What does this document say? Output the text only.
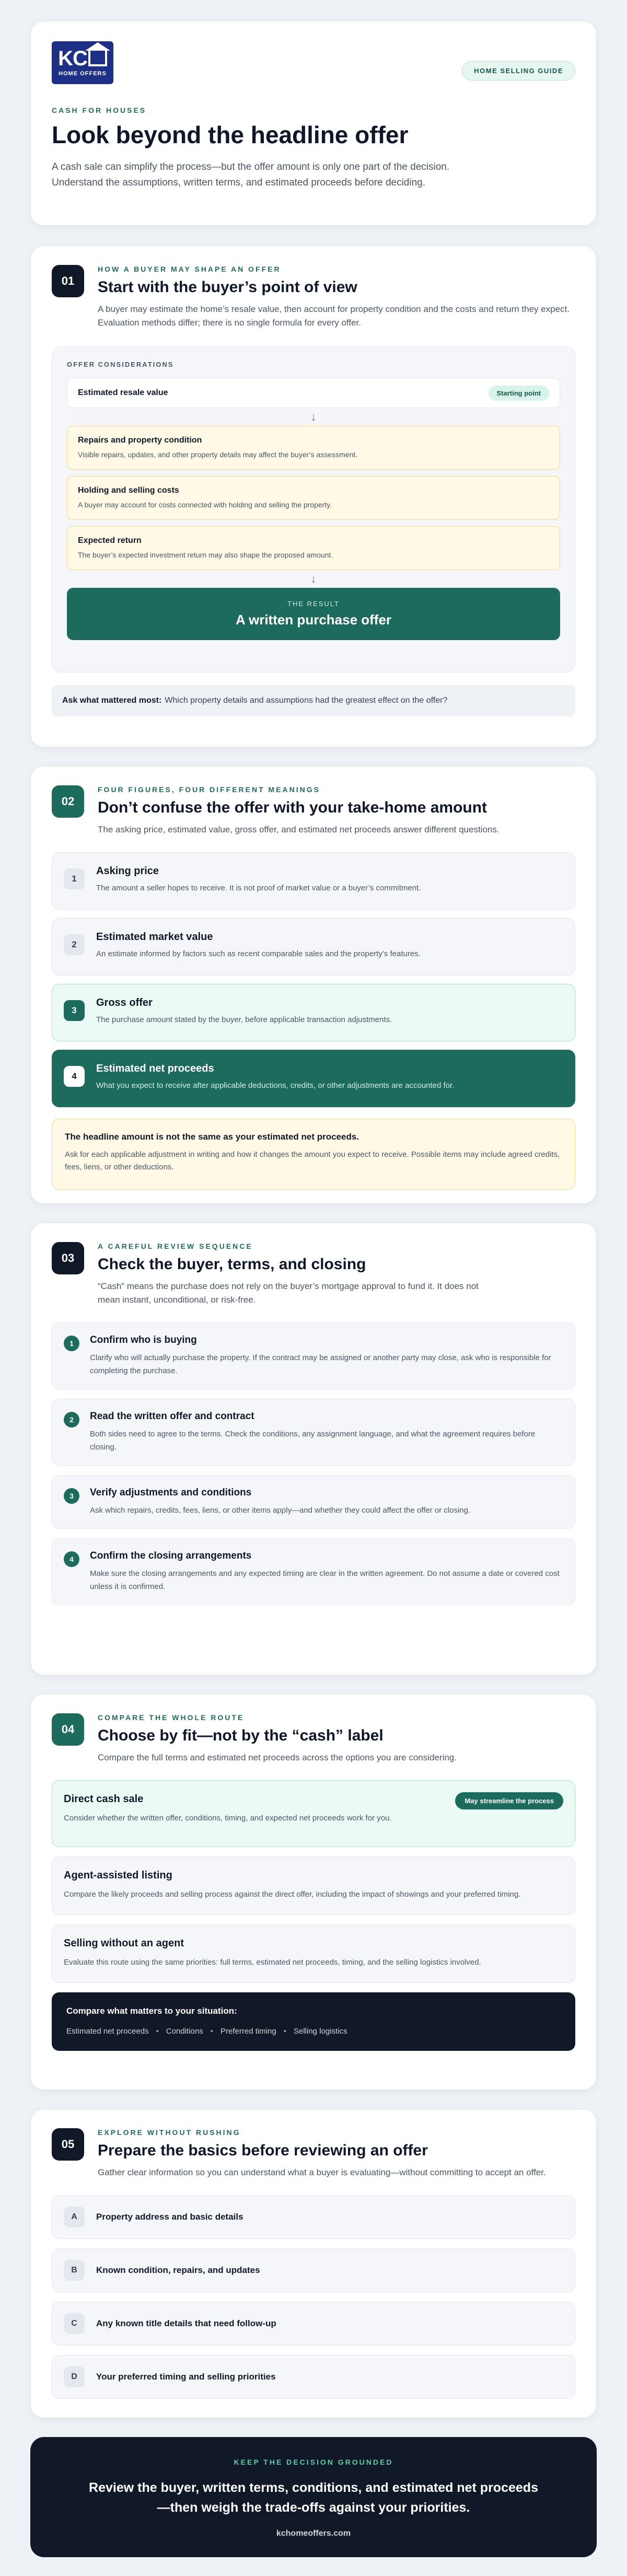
KC
HOME OFFERS	HOME SELLING GUIDE
CASH FOR HOUSES
Look beyond the headline offer

A cash sale can simplify the process—but the offer amount is only one part of the decision. Understand the assumptions, written terms, and estimated proceeds before deciding.

01
HOW A BUYER MAY SHAPE AN OFFER
Start with the buyer’s point of view

A buyer may estimate the home’s resale value, then account for property condition and the costs and return they expect. Evaluation methods differ; there is no single formula for every offer.

OFFER CONSIDERATIONS
Estimated resale value	Starting point
↓
Repairs and property condition
Visible repairs, updates, and other property details may affect the buyer’s assessment.
Holding and selling costs
A buyer may account for costs connected with holding and selling the property.
Expected return
The buyer’s expected investment return may also shape the proposed amount.
↓
THE RESULT
A written purchase offer
Ask what mattered most: Which property details and assumptions had the greatest effect on the offer?
02
FOUR FIGURES, FOUR DIFFERENT MEANINGS
Don’t confuse the offer with your take-home amount

The asking price, estimated value, gross offer, and estimated net proceeds answer different questions.

1
Asking price
The amount a seller hopes to receive. It is not proof of market value or a buyer’s commitment.
2
Estimated market value
An estimate informed by factors such as recent comparable sales and the property’s features.
3
Gross offer
The purchase amount stated by the buyer, before applicable transaction adjustments.
4
Estimated net proceeds
What you expect to receive after applicable deductions, credits, or other adjustments are accounted for.
The headline amount is not the same as your estimated net proceeds.
Ask for each applicable adjustment in writing and how it changes the amount you expect to receive. Possible items may include agreed credits, fees, liens, or other deductions.
03
A CAREFUL REVIEW SEQUENCE
Check the buyer, terms, and closing

“Cash” means the purchase does not rely on the buyer’s mortgage approval to fund it. It does not mean instant, unconditional, or risk-free.

1	Confirm who is buying
Clarify who will actually purchase the property. If the contract may be assigned or another party may close, ask who is responsible for completing the purchase.
2	Read the written offer and contract
Both sides need to agree to the terms. Check the conditions, any assignment language, and what the agreement requires before closing.
3	Verify adjustments and conditions
Ask which repairs, credits, fees, liens, or other items apply—and whether they could affect the offer or closing.
4	Confirm the closing arrangements
Make sure the closing arrangements and any expected timing are clear in the written agreement. Do not assume a date or covered cost unless it is confirmed.
04
COMPARE THE WHOLE ROUTE
Choose by fit—not by the “cash” label

Compare the full terms and estimated net proceeds across the options you are considering.

Direct cash sale
Consider whether the written offer, conditions, timing, and expected net proceeds work for you.
May streamline the process
Agent-assisted listing
Compare the likely proceeds and selling process against the direct offer, including the impact of showings and your preferred timing.
Selling without an agent
Evaluate this route using the same priorities: full terms, estimated net proceeds, timing, and the selling logistics involved.
Compare what matters to your situation:
Estimated net proceeds • Conditions • Preferred timing • Selling logistics
05
EXPLORE WITHOUT RUSHING
Prepare the basics before reviewing an offer

Gather clear information so you can understand what a buyer is evaluating—without committing to accept an offer.

A	Property address and basic details
B	Known condition, repairs, and updates
C	Any known title details that need follow-up
D	Your preferred timing and selling priorities
KEEP THE DECISION GROUNDED
Review the buyer, written terms, conditions, and estimated net proceeds—then weigh the trade-offs against your priorities.
kchomeoffers.com
